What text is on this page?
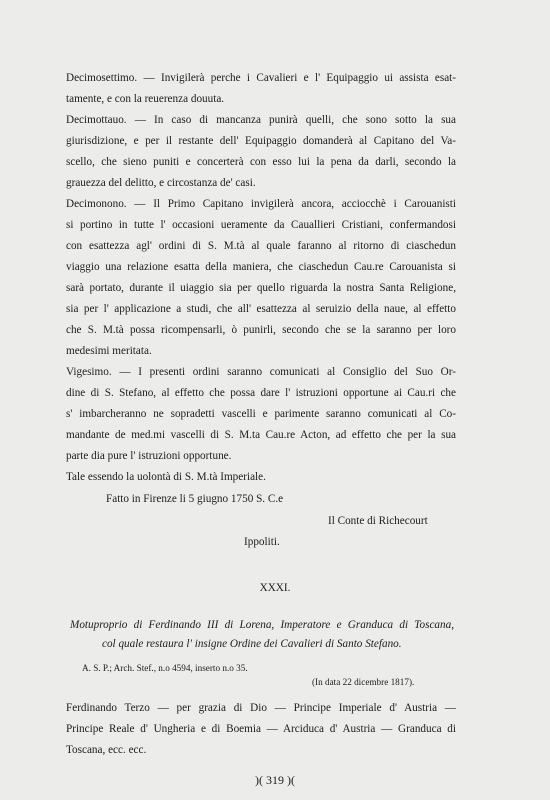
Decimosettimo. — Invigilerà perche i Cavalieri e l' Equipaggio ui assista esat-
tamente, e con la reuerenza douuta.
Decimottauo. — In caso di mancanza punirà quelli, che sono sotto la sua
giurisdizione, e per il restante dell' Equipaggio domanderà al Capitano del Va-
scello, che sieno puniti e concerterà con esso lui la pena da darli, secondo la
grauezza del delitto, e circostanza de' casi.
Decimonono. — Il Primo Capitano invigilerà ancora, acciocchè i Carouanisti
si portino in tutte l' occasioni ueramente da Cauallieri Cristiani, confermandosi
con esattezza agl' ordini di S. M.tà al quale faranno al ritorno di ciaschedun
viaggio una relazione esatta della maniera, che ciaschedun Cau.re Carouanista si
sarà portato, durante il uiaggio sia per quello riguarda la nostra Santa Religione,
sia per l' applicazione a studi, che all' esattezza al seruizio della naue, al effetto
che S. M.tà possa ricompensarli, ò punirli, secondo che se la saranno per loro
medesimi meritata.
Vigesimo. — I presenti ordini saranno comunicati al Consiglio del Suo Or-
dine di S. Stefano, al effetto che possa dare l' istruzioni opportune ai Cau.ri che
s' imbarcheranno ne sopradetti vascelli e parimente saranno comunicati al Co-
mandante de med.mi vascelli di S. M.ta Cau.re Acton, ad effetto che per la sua
parte dia pure l' istruzioni opportune.
Tale essendo la uolontà di S. M.tà Imperiale.
Fatto in Firenze li 5 giugno 1750 S. C.e
Il Conte di Richecourt
Ippoliti.
XXXI.
Motuproprio di Ferdinando III di Lorena, Imperatore e Granduca di Toscana,
col quale restaura l' insigne Ordine dei Cavalieri di Santo Stefano.
A. S. P.; Arch. Stef., n.o 4594, inserto n.o 35.
(In data 22 dicembre 1817).
Ferdinando Terzo — per grazia di Dio — Principe Imperiale d' Austria —
Principe Reale d' Ungheria e di Boemia — Arciduca d' Austria — Granduca di
Toscana, ecc. ecc.
)( 319 )(
